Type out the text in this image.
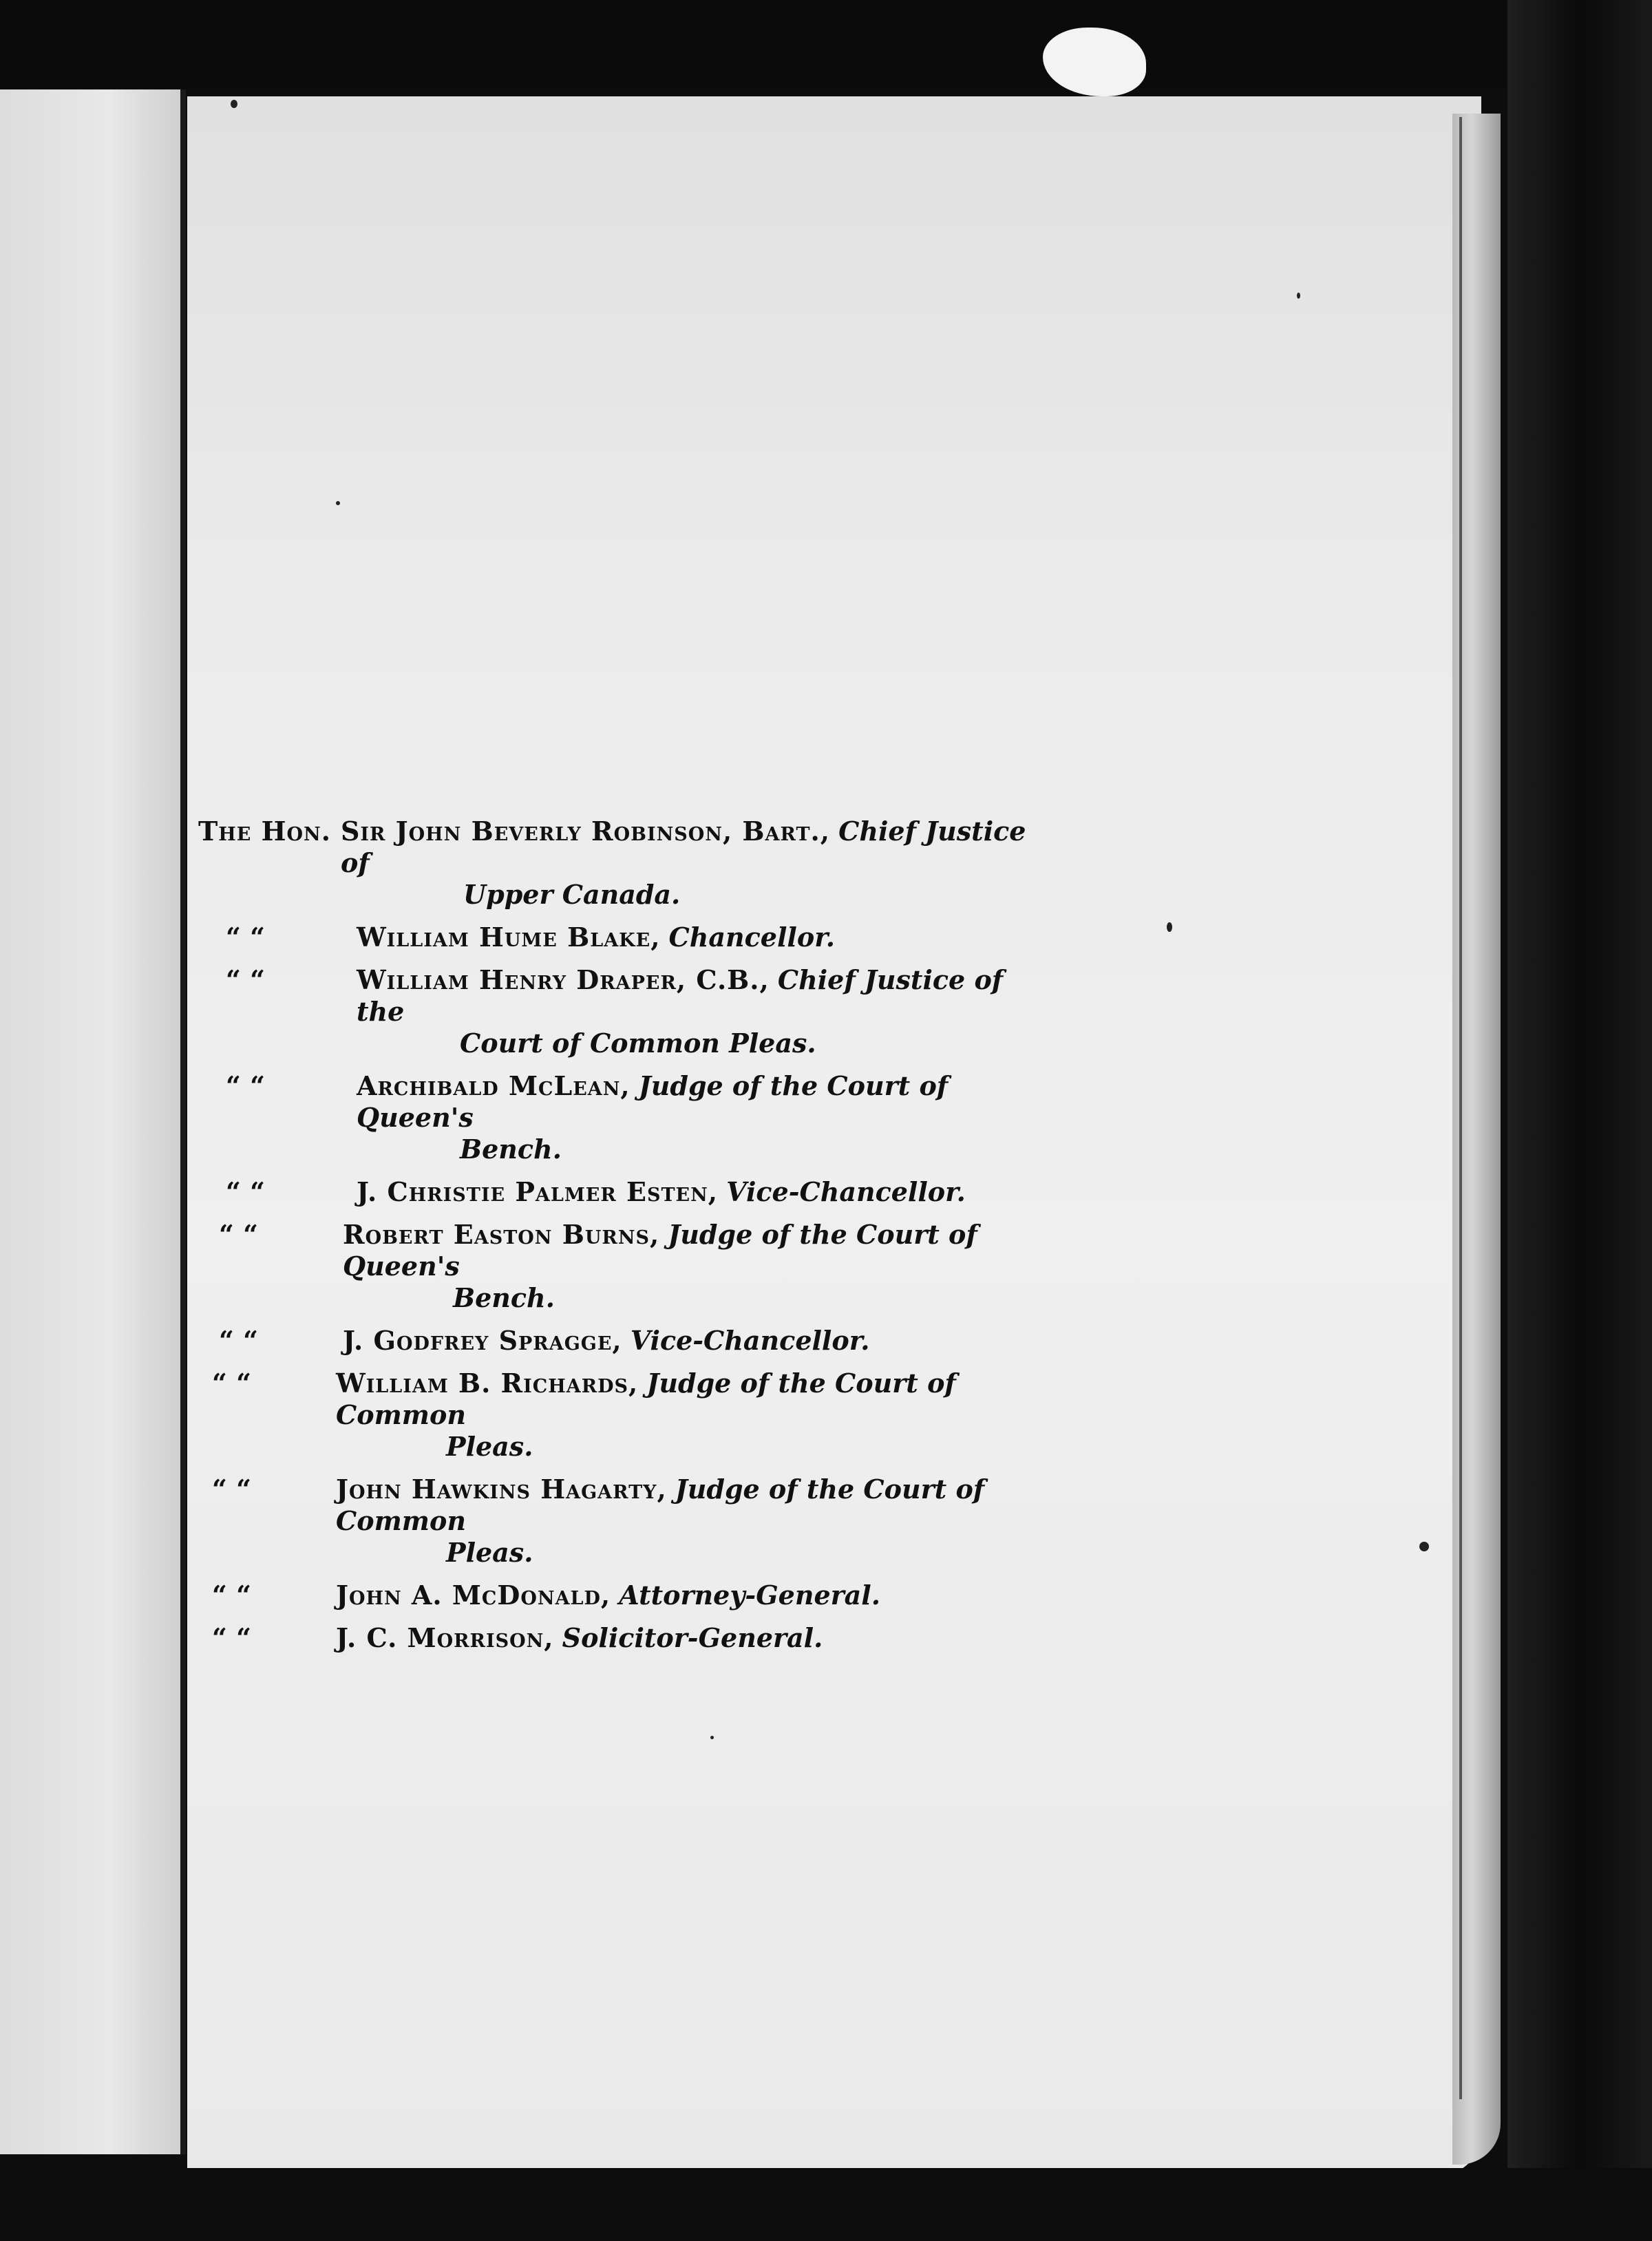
The Hon. Sir John Beverly Robinson, Bart., Chief Justice of
Upper Canada.
“ “	William Hume Blake, Chancellor.
“ “	William Henry Draper, C.B., Chief Justice of the
Court of Common Pleas.
“ “	Archibald McLean, Judge of the Court of Queen's
Bench.
“ “	J. Christie Palmer Esten, Vice-Chancellor.
“ “	Robert Easton Burns, Judge of the Court of Queen's
Bench.
“ “	J. Godfrey Spragge, Vice-Chancellor.
“ “	William B. Richards, Judge of the Court of Common
Pleas.
“ “	John Hawkins Hagarty, Judge of the Court of Common
Pleas.
“ “	John A. McDonald, Attorney-General.
“ “	J. C. Morrison, Solicitor-General.
